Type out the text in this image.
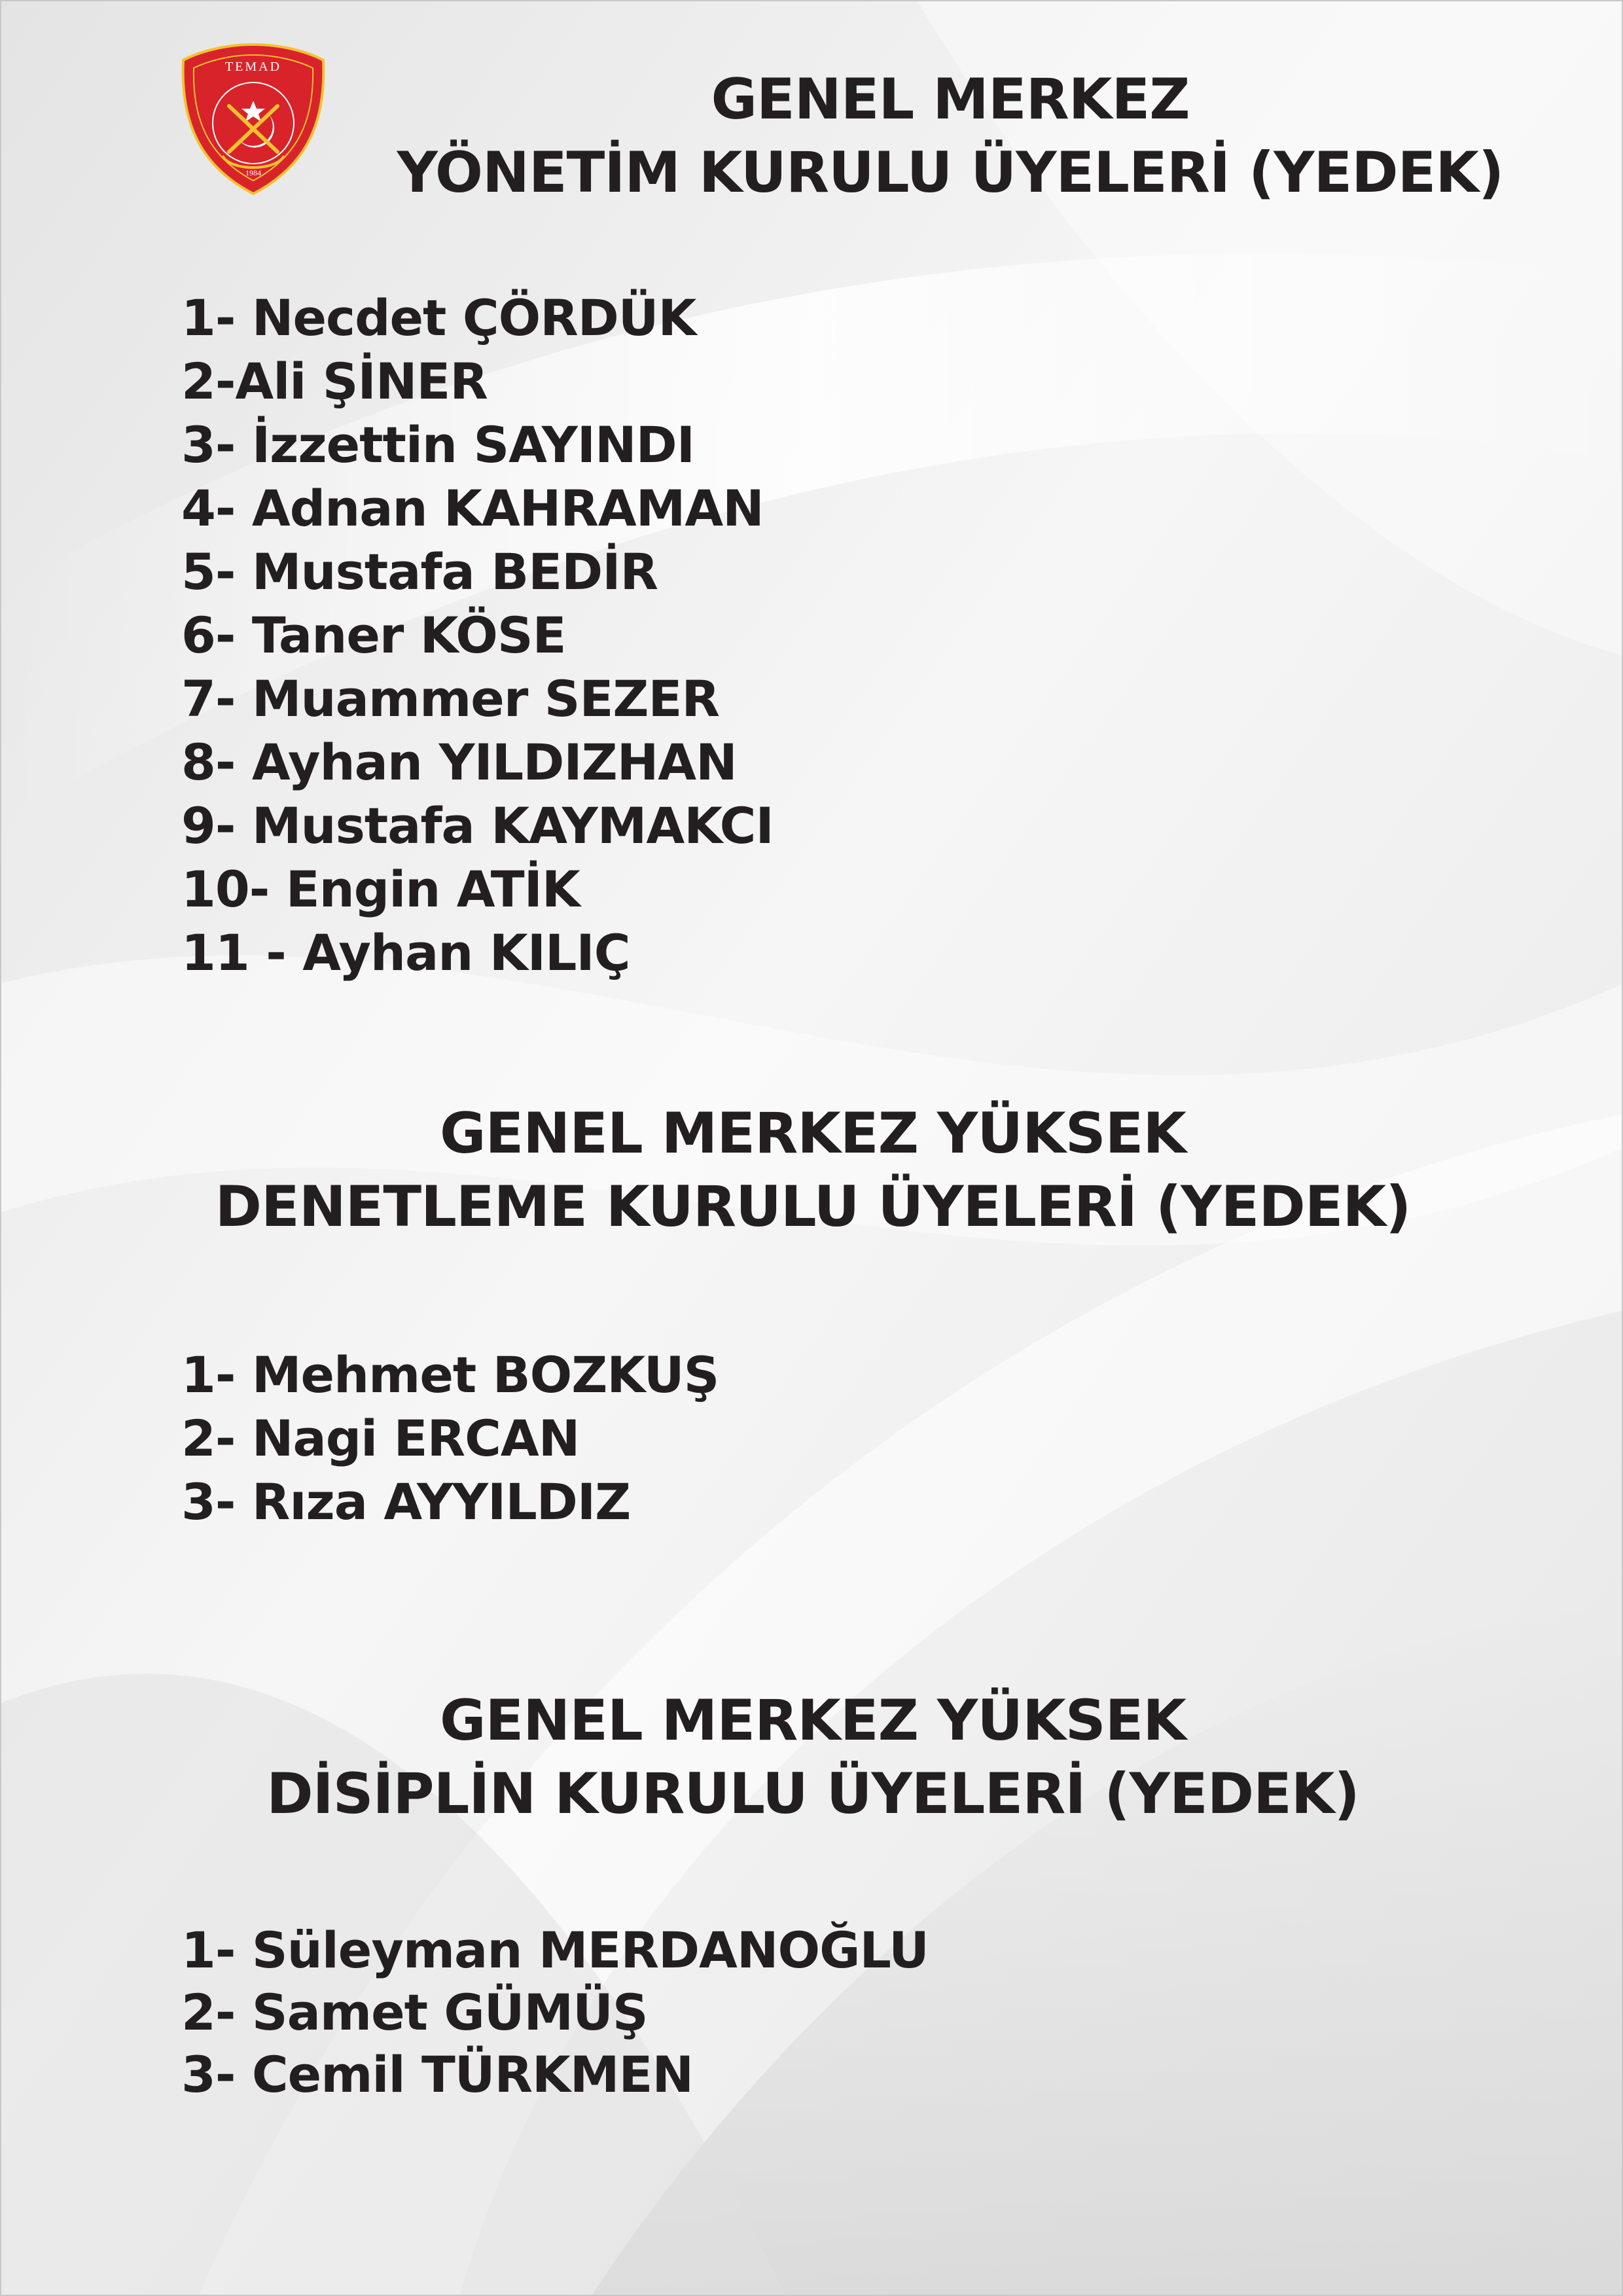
TEMAD
1984
GENEL MERKEZ
YÖNETİM KURULU ÜYELERİ (YEDEK)
1- Necdet ÇÖRDÜK
2-Ali ŞİNER
3- İzzettin SAYINDI
4- Adnan KAHRAMAN
5- Mustafa BEDİR
6- Taner KÖSE
7- Muammer SEZER
8- Ayhan YILDIZHAN
9- Mustafa KAYMAKCI
10- Engin ATİK
11 - Ayhan KILIÇ
GENEL MERKEZ YÜKSEK
DENETLEME KURULU ÜYELERİ (YEDEK)
1- Mehmet BOZKUŞ
2- Nagi ERCAN
3- Rıza AYYILDIZ
GENEL MERKEZ YÜKSEK
DİSİPLİN KURULU ÜYELERİ (YEDEK)
1- Süleyman MERDANOĞLU
2- Samet GÜMÜŞ
3- Cemil TÜRKMEN
